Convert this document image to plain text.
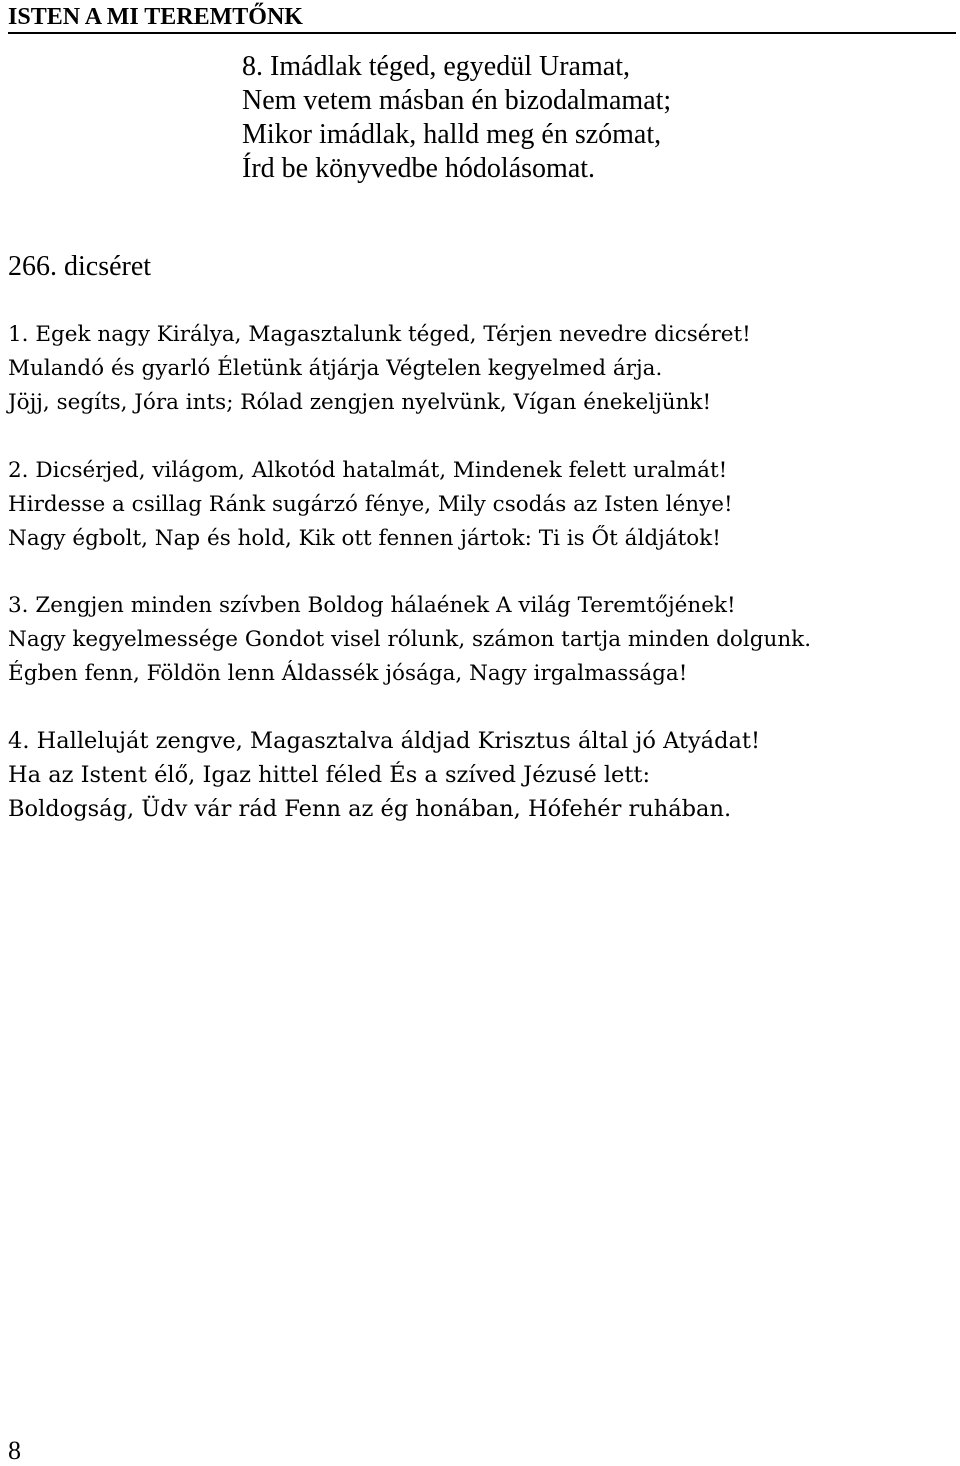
ISTEN A MI TEREMTŐNK
8. Imádlak téged, egyedül Uramat,
Nem vetem másban én bizodalmamat;
Mikor imádlak, halld meg én szómat,
Írd be könyvedbe hódolásomat.
266. dicséret
1. Egek nagy Királya, Magasztalunk téged, Térjen nevedre dicséret!
Mulandó és gyarló Életünk átjárja Végtelen kegyelmed árja.
Jöjj, segíts, Jóra ints; Rólad zengjen nyelvünk, Vígan énekeljünk!
2. Dicsérjed, világom, Alkotód hatalmát, Mindenek felett uralmát!
Hirdesse a csillag Ránk sugárzó fénye, Mily csodás az Isten lénye!
Nagy égbolt, Nap és hold, Kik ott fennen jártok: Ti is Őt áldjátok!
3. Zengjen minden szívben Boldog hálaének A világ Teremtőjének!
Nagy kegyelmessége Gondot visel rólunk, számon tartja minden dolgunk.
Égben fenn, Földön lenn Áldassék jósága, Nagy irgalmassága!
4. Halleluját zengve, Magasztalva áldjad Krisztus által jó Atyádat!
Ha az Istent élő, Igaz hittel féled És a szíved Jézusé lett:
Boldogság, Üdv vár rád Fenn az ég honában, Hófehér ruhában.
8
